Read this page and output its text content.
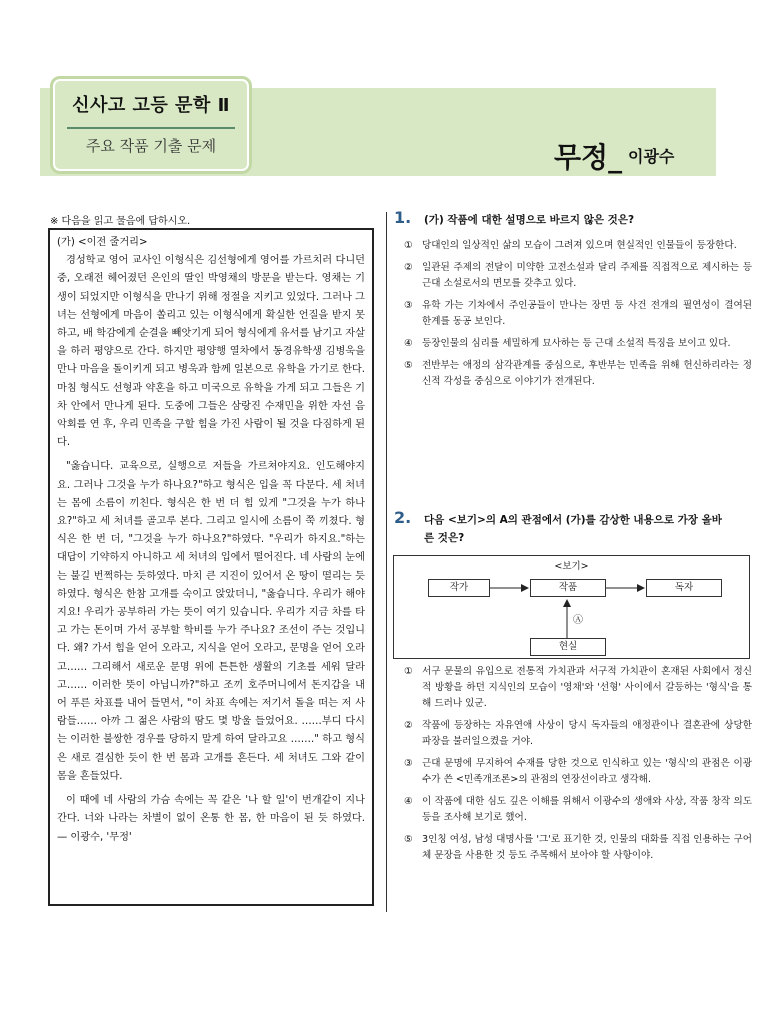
신사고 고등 문학 Ⅱ
주요 작품 기출 문제	무정_ 이광수
※ 다음을 읽고 물음에 답하시오.

(가) <이전 줄거리>

경성학교 영어 교사인 이형식은 김선형에게 영어를 가르치러 다니던 중, 오래전 헤어졌던 은인의 딸인 박영채의 방문을 받는다. 영채는 기생이 되었지만 이형식을 만나기 위해 정절을 지키고 있었다. 그러나 그녀는 선형에게 마음이 쏠리고 있는 이형식에게 확실한 언질을 받지 못하고, 배 학감에게 순결을 빼앗기게 되어 형식에게 유서를 남기고 자살을 하러 평양으로 간다. 하지만 평양행 열차에서 동경유학생 김병욱을 만나 마음을 돌이키게 되고 병욱과 함께 일본으로 유학을 가기로 한다. 마침 형식도 선형과 약혼을 하고 미국으로 유학을 가게 되고 그들은 기차 안에서 만나게 된다. 도중에 그들은 삼랑진 수재민을 위한 자선 음악회를 연 후, 우리 민족을 구할 힘을 가진 사람이 될 것을 다짐하게 된다.

"옳습니다. 교육으로, 실행으로 저들을 가르쳐야지요. 인도해야지요. 그러나 그것을 누가 하나요?"하고 형식은 입을 꼭 다문다. 세 처녀는 몸에 소름이 끼친다. 형식은 한 번 더 힘 있게 "그것을 누가 하나요?"하고 세 처녀를 골고루 본다. 그리고 일시에 소름이 쭉 끼쳤다. 형식은 한 번 더, "그것을 누가 하나요?"하였다. "우리가 하지요."하는 대답이 기약하지 아니하고 세 처녀의 입에서 떨어진다. 네 사람의 눈에는 불길 번쩍하는 듯하였다. 마치 큰 지진이 있어서 온 땅이 떨리는 듯하였다. 형식은 한참 고개를 숙이고 앉았더니, "옳습니다. 우리가 해야지요! 우리가 공부하러 가는 뜻이 여기 있습니다. 우리가 지금 차를 타고 가는 돈이며 가서 공부할 학비를 누가 주나요? 조선이 주는 것입니다. 왜? 가서 힘을 얻어 오라고, 지식을 얻어 오라고, 문명을 얻어 오라고…… 그리해서 새로운 문명 위에 튼튼한 생활의 기초를 세워 달라고…… 이러한 뜻이 아닙니까?"하고 조끼 호주머니에서 돈지갑을 내어 푸른 차표를 내어 들면서, "이 차표 속에는 저기서 돌을 떠는 저 사람들…… 아까 그 젊은 사람의 땀도 몇 방울 들었어요. ……부디 다시는 이러한 불쌍한 경우를 당하지 말게 하여 달라고요 ……." 하고 형식은 새로 결심한 듯이 한 번 몸과 고개를 흔든다. 세 처녀도 그와 같이 몸을 흔들었다.

이 때에 네 사람의 가슴 속에는 꼭 같은 '나 할 일'이 번개같이 지나간다. 너와 나라는 차별이 없이 온통 한 몸, 한 마음이 된 듯 하였다. — 이광수, '무정'

1. (가) 작품에 대한 설명으로 바르지 않은 것은?
① 당대인의 일상적인 삶의 모습이 그려져 있으며 현실적인 인물들이 등장한다.
② 일관된 주제의 전달이 미약한 고전소설과 달리 주제를 직접적으로 제시하는 등 근대 소설로서의 면모를 갖추고 있다.
③ 유학 가는 기차에서 주인공들이 만나는 장면 등 사건 전개의 필연성이 결여된 한계를 동공 보인다.
④ 등장인물의 심리를 세밀하게 묘사하는 등 근대 소설적 특징을 보이고 있다.
⑤ 전반부는 애정의 삼각관계를 중심으로, 후반부는 민족을 위해 헌신하리라는 정신적 각성을 중심으로 이야기가 전개된다.
2. 다음 <보기>의 A의 관점에서 (가)를 감상한 내용으로 가장 올바른 것은?
<보기>
작가	작품	독자
Ⓐ
현실
① 서구 문물의 유입으로 전통적 가치관과 서구적 가치관이 혼재된 사회에서 정신적 방황을 하던 지식인의 모습이 '영채'와 '선형' 사이에서 갈등하는 '형식'을 통해 드러나 있군.
② 작품에 등장하는 자유연애 사상이 당시 독자들의 애정관이나 결혼관에 상당한 파장을 불러일으켰을 거야.
③ 근대 문명에 무지하여 수재를 당한 것으로 인식하고 있는 '형식'의 관점은 이광수가 쓴 <민족개조론>의 관점의 연장선이라고 생각해.
④ 이 작품에 대한 심도 깊은 이해를 위해서 이광수의 생애와 사상, 작품 창작 의도 등을 조사해 보기로 했어.
⑤ 3인칭 여성, 남성 대명사를 '그'로 표기한 것, 인물의 대화를 직접 인용하는 구어체 문장을 사용한 것 등도 주목해서 보아야 할 사항이야.
